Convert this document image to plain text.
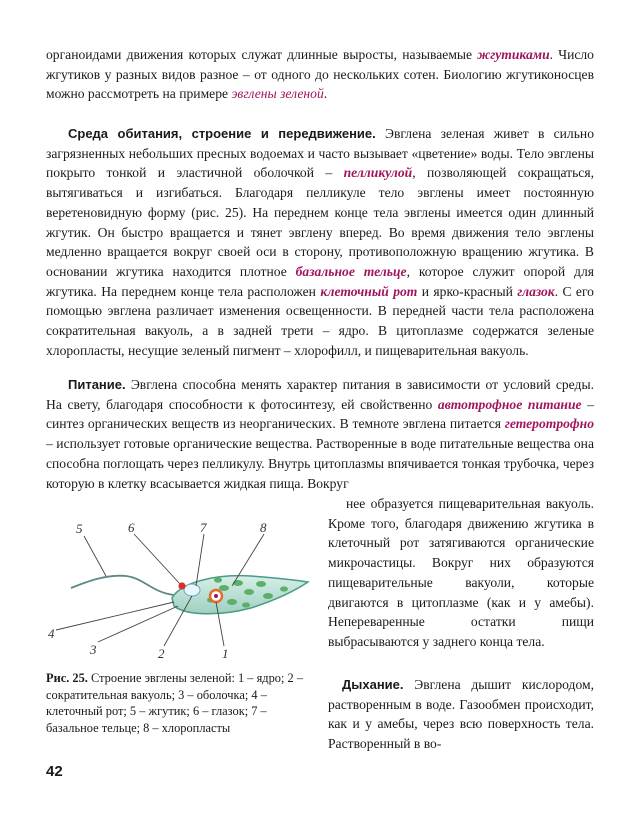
органоидами движения которых служат длинные выросты, называемые жгутиками. Число жгутиков у разных видов разное – от одного до нескольких сотен. Биологию жгутиконосцев можно рассмотреть на примере эвглены зеленой.
Среда обитания, строение и передвижение. Эвглена зеленая живет в сильно загрязненных небольших пресных водоемах и часто вызывает «цветение» воды. Тело эвглены покрыто тонкой и эластичной оболочкой – пелликулой, позволяющей сокращаться, вытягиваться и изгибаться. Благодаря пелликуле тело эвглены имеет постоянную веретеновидную форму (рис. 25). На переднем конце тела эвглены имеется один длинный жгутик. Он быстро вращается и тянет эвглену вперед. Во время движения тело эвглены медленно вращается вокруг своей оси в сторону, противоположную вращению жгутика. В основании жгутика находится плотное базальное тельце, которое служит опорой для жгутика. На переднем конце тела расположен клеточный рот и ярко-красный глазок. С его помощью эвглена различает изменения освещенности. В передней части тела расположена сократительная вакуоль, а в задней трети – ядро. В цитоплазме содержатся зеленые хлоропласты, несущие зеленый пигмент – хлорофилл, и пищеварительная вакуоль.
Питание. Эвглена способна менять характер питания в зависимости от условий среды. На свету, благодаря способности к фотосинтезу, ей свойственно автотрофное питание – синтез органических веществ из неорганических. В темноте эвглена питается гетеротрофно – использует готовые органические вещества. Растворенные в воде питательные вещества она способна поглощать через пелликулу. Внутрь цитоплазмы впячивается тонкая трубочка, через которую в клетку всасывается жидкая пища. Вокруг
5	6	7	8
4
3	2	1
Рис. 25. Строение эвглены зеленой: 1 – ядро; 2 – сократительная вакуоль; 3 – оболочка; 4 – клеточный рот; 5 – жгутик; 6 – глазок; 7 – базальное тельце; 8 – хлоропласты
нее образуется пищеварительная вакуоль. Кроме того, благодаря движению жгутика в клеточный рот затягиваются органические микрочастицы. Вокруг них образуются пищеварительные вакуоли, которые двигаются в цитоплазме (как и у амебы). Непереваренные остатки пищи выбрасываются у заднего конца тела.
Дыхание. Эвглена дышит кислородом, растворенным в воде. Газообмен происходит, как и у амебы, через всю поверхность тела. Растворенный в во-
42
